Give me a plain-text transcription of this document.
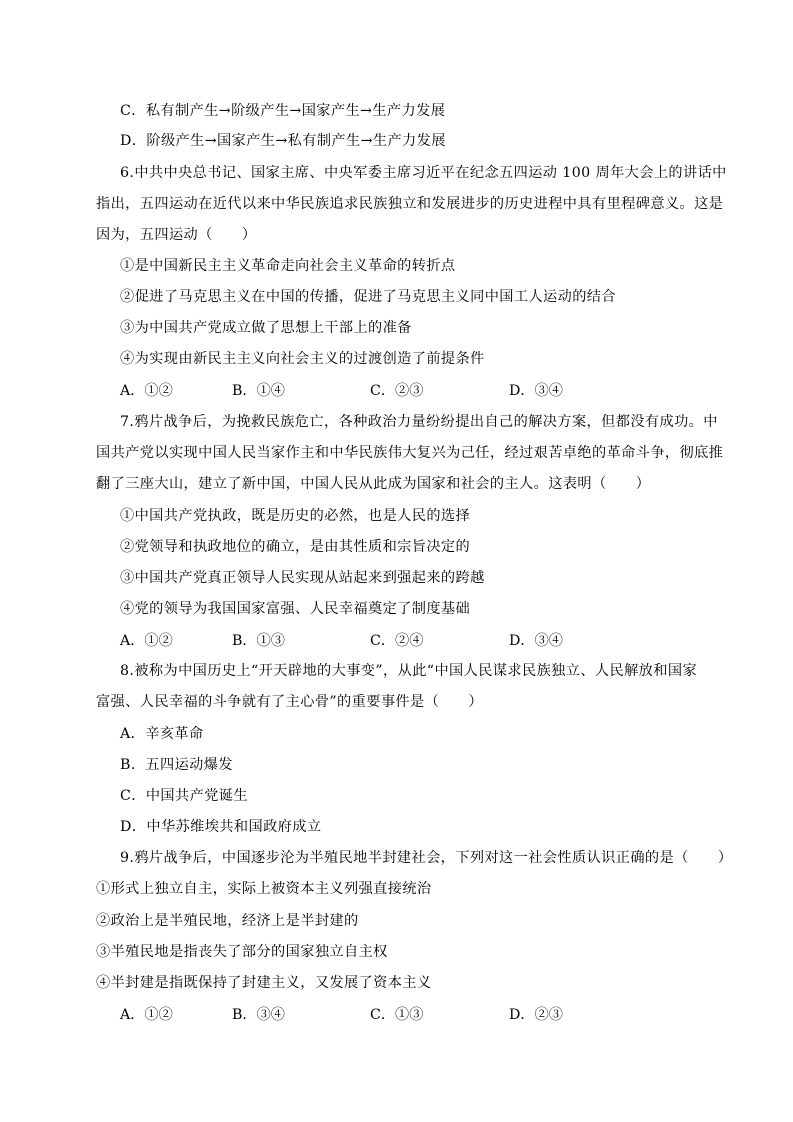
C．私有制产生→阶级产生→国家产生→生产力发展
D．阶级产生→国家产生→私有制产生→生产力发展
6.中共中央总书记、国家主席、中央军委主席习近平在纪念五四运动 100 周年大会上的讲话中
指出，五四运动在近代以来中华民族追求民族独立和发展进步的历史进程中具有里程碑意义。这是
因为，五四运动（　　）
①是中国新民主主义革命走向社会主义革命的转折点
②促进了马克思主义在中国的传播，促进了马克思主义同中国工人运动的结合
③为中国共产党成立做了思想上干部上的准备
④为实现由新民主主义向社会主义的过渡创造了前提条件
A．①②	B．①④	C．②③	D．③④
7.鸦片战争后，为挽救民族危亡，各种政治力量纷纷提出自己的解决方案，但都没有成功。中
国共产党以实现中国人民当家作主和中华民族伟大复兴为己任，经过艰苦卓绝的革命斗争，彻底推
翻了三座大山，建立了新中国，中国人民从此成为国家和社会的主人。这表明（　　）
①中国共产党执政，既是历史的必然，也是人民的选择
②党领导和执政地位的确立，是由其性质和宗旨决定的
③中国共产党真正领导人民实现从站起来到强起来的跨越
④党的领导为我国国家富强、人民幸福奠定了制度基础
A．①②	B．①③	C．②④	D．③④
8.被称为中国历史上“开天辟地的大事变”，从此“中国人民谋求民族独立、人民解放和国家
富强、人民幸福的斗争就有了主心骨”的重要事件是（　　）
A．辛亥革命
B．五四运动爆发
C．中国共产党诞生
D．中华苏维埃共和国政府成立
9.鸦片战争后，中国逐步沦为半殖民地半封建社会，下列对这一社会性质认识正确的是（　　）
①形式上独立自主，实际上被资本主义列强直接统治
②政治上是半殖民地，经济上是半封建的
③半殖民地是指丧失了部分的国家独立自主权
④半封建是指既保持了封建主义，又发展了资本主义
A．①②	B．③④	C．①③	D．②③
